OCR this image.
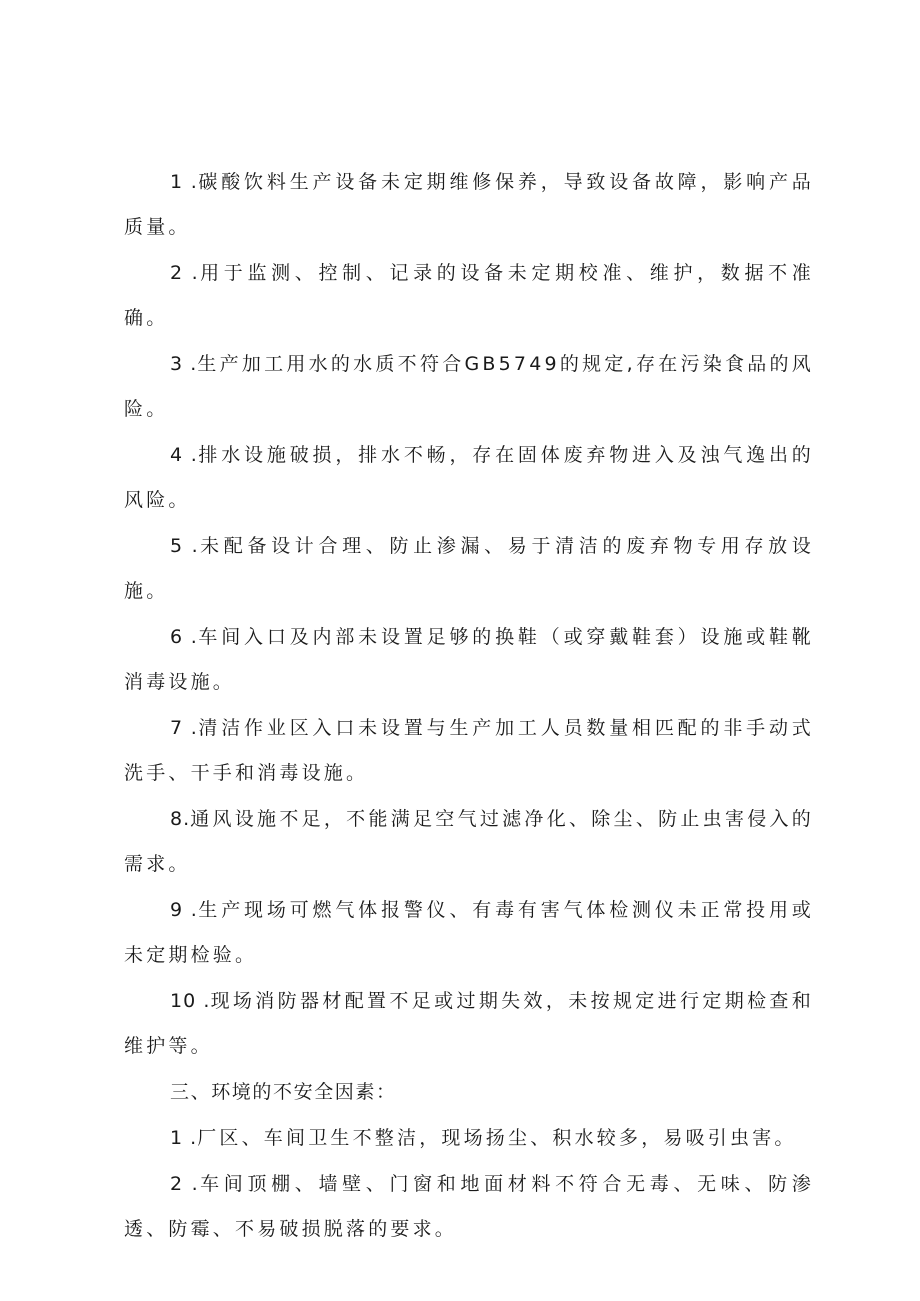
1 .碳酸饮料生产设备未定期维修保养，导致设备故障，影响产品质量。

2 .用于监测、控制、记录的设备未定期校准、维护，数据不准确。

3 .生产加工用水的水质不符合GB5749的规定,存在污染食品的风险。

4 .排水设施破损，排水不畅，存在固体废弃物进入及浊气逸出的风险。

5 .未配备设计合理、防止渗漏、易于清洁的废弃物专用存放设施。

6 .车间入口及内部未设置足够的换鞋（或穿戴鞋套）设施或鞋靴消毒设施。

7 .清洁作业区入口未设置与生产加工人员数量相匹配的非手动式洗手、干手和消毒设施。

8.通风设施不足，不能满足空气过滤净化、除尘、防止虫害侵入的需求。

9 .生产现场可燃气体报警仪、有毒有害气体检测仪未正常投用或未定期检验。

10 .现场消防器材配置不足或过期失效，未按规定进行定期检查和维护等。

三、环境的不安全因素：

1 .厂区、车间卫生不整洁，现场扬尘、积水较多，易吸引虫害。

2 .车间顶棚、墙壁、门窗和地面材料不符合无毒、无味、防渗透、防霉、不易破损脱落的要求。
